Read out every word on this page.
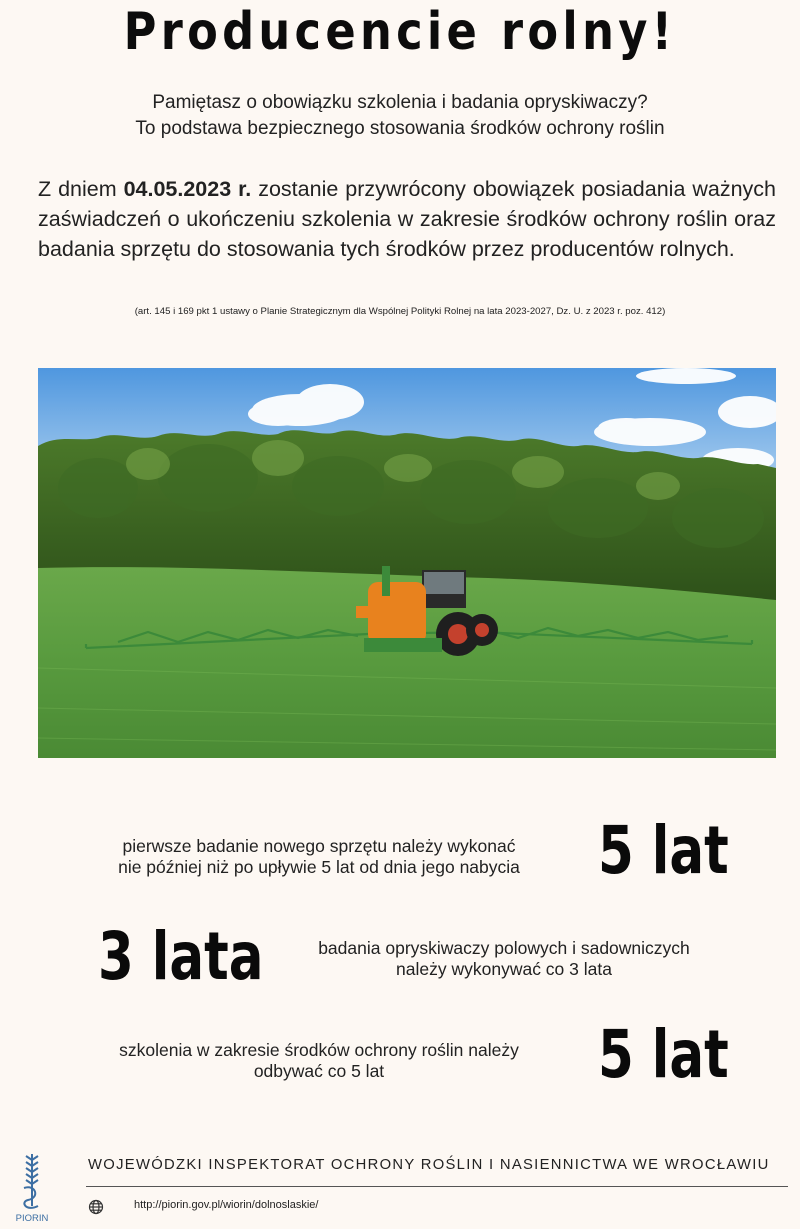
Producencie rolny!
Pamiętasz o obowiązku szkolenia i badania opryskiwaczy?
To podstawa bezpiecznego stosowania środków ochrony roślin
Z dniem 04.05.2023 r. zostanie przywrócony obowiązek posiadania ważnych zaświadczeń o ukończeniu szkolenia w zakresie środków ochrony roślin oraz badania sprzętu do stosowania tych środków przez producentów rolnych.
(art. 145 i 169 pkt 1 ustawy o Planie Strategicznym dla Wspólnej Polityki Rolnej na lata 2023-2027, Dz. U. z 2023 r. poz. 412)
pierwsze badanie nowego sprzętu należy wykonać
nie później niż po upływie 5 lat od dnia jego nabycia	5 lat
3 lata	badania opryskiwaczy polowych i sadowniczych
należy wykonywać co 3 lata
szkolenia w zakresie środków ochrony roślin należy
odbywać co 5 lat	5 lat
PIORIN
WOJEWÓDZKI INSPEKTORAT OCHRONY ROŚLIN I NASIENNICTWA WE WROCŁAWIU
http://piorin.gov.pl/wiorin/dolnoslaskie/
